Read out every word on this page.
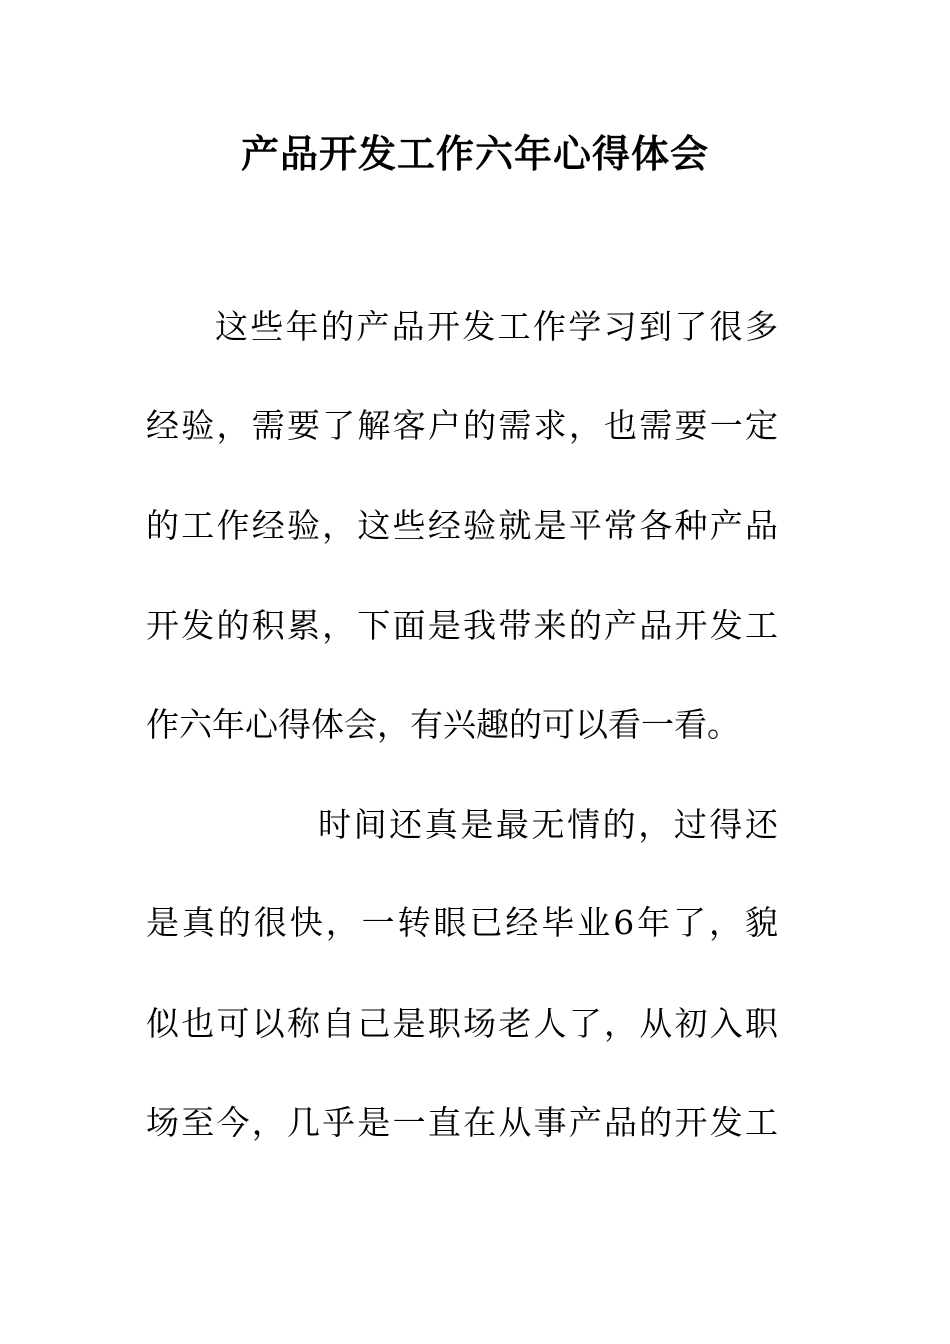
产品开发工作六年心得体会
这些年的产品开发工作学习到了很多
经验，需要了解客户的需求，也需要一定
的工作经验，这些经验就是平常各种产品
开发的积累，下面是我带来的产品开发工
作六年心得体会，有兴趣的可以看一看。
时间还真是最无情的，过得还
是真的很快，一转眼已经毕业6年了，貌
似也可以称自己是职场老人了，从初入职
场至今，几乎是一直在从事产品的开发工
